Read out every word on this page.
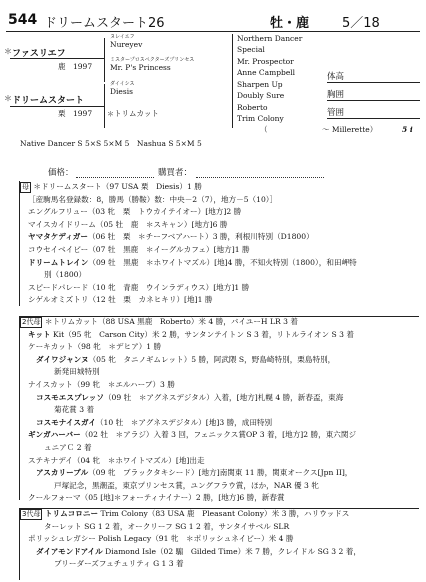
544 ドリームスタート26	牡・鹿	5／18
＊ ファスリエフ
鹿　1997
＊ ドリームスタート
栗　1997
ヌレイエフ
Nureyev
ミスタープロスペクターズプリンセス
Mr. P's Princess
ダイイシス
Diesis
＊ トリムカット
Northern Dancer
Special
Mr. Prospector
Anne Campbell
Sharpen Up
Doubly Sure
Roberto
Trim Colony
（	～ Millerette）	5 i
体高
胸囲
管囲
Native Dancer S 5×S 5×M 5　Nashua S 5×M 5
価格：	購買者：
母 ＊ドリームスタート（97 USA 栗　Diesis）1 勝
［産駒馬名登録数：8，勝馬（勝鞍）数：中央－2（7），地方－5（10）］
エングルフリュー（03 牝　栗　トウカイテイオー）[地方]2 勝
マイスカイドリーム（05 牡　鹿　＊スキャン）[地方]6 勝
ヤマタケディガー（06 牡　栗　＊チーフベアハート）3 勝，利根川特別（D1800）
コウセイベイビー（07 牡　黒鹿　＊イーグルカフェ）[地方]1 勝
ドリームトレイン（09 牡　黒鹿　＊ホワイトマズル）[地]4 勝，不知火特別（1800），和田岬特
別（1800）
スピードパレード（10 牝　青鹿　ウインラディウス）[地方]1 勝
シゲルオミズトリ（12 牡　栗　カネヒキリ）[地]1 勝
2代母 ＊トリムカット（88 USA 黒鹿　Roberto）米 4 勝，バイユーH LR 3 着
キット Kit（95 牝　Carson City）米 2 勝，サンタンテイトン S 3 着，リトルライオン S 3 着
ケーキカット（98 牝　＊デヒア）1 勝
ダイワジャンヌ（05 牝　タニノギムレット）5 勝，阿武隈 S，野島崎特別，栗島特別，
新発田城特別
ナイスカット（99 牝　＊エルハーブ）3 勝
コスモエスプレッソ（09 牡　＊アグネスデジタル）入着，[地方]札幌 4 勝，新春盃，東海
菊花賞 3 着
コスモナイスガイ（10 牡　＊アグネスデジタル）[地]3 勝，成田特別
ギンガハーバー（02 牡　＊アラジ）入着 3 回，フェニックス賞OP 3 着，[地方]2 勝，東六関ジ
ュニアＣ 2 着
ステキナデイ（04 牝　＊ホワイトマズル）[地]出走
アスカリーブル（09 牝　ブラックタキシード）[地方]南関東 11 勝，関東オークス[Jpn II]，
戸塚記念，黒潮盃，東京プリンセス賞，ユングフラウ賞，ほか，NAR 優 3 牝
クールフォーマ（05 [地]＊フォーティナイナー）2 勝，[地方]6 勝，新春賞
3代母 トリムコロニー Trim Colony（83 USA 鹿　Pleasant Colony）米 3 勝，ハリウッドス
ターレット SG 1 2 着，オークリーフ SG 1 2 着，サンタイサベル SLR
ポリッシュレガシー Polish Legacy（91 牝　＊ポリッシュネイビー）米 4 勝
ダイアモンドアイル Diamond Isle（02 騸　Gilded Time）米 7 勝，クレイドル SG 3 2 着，
ブリーダーズフュチュリティ G 1 3 着
